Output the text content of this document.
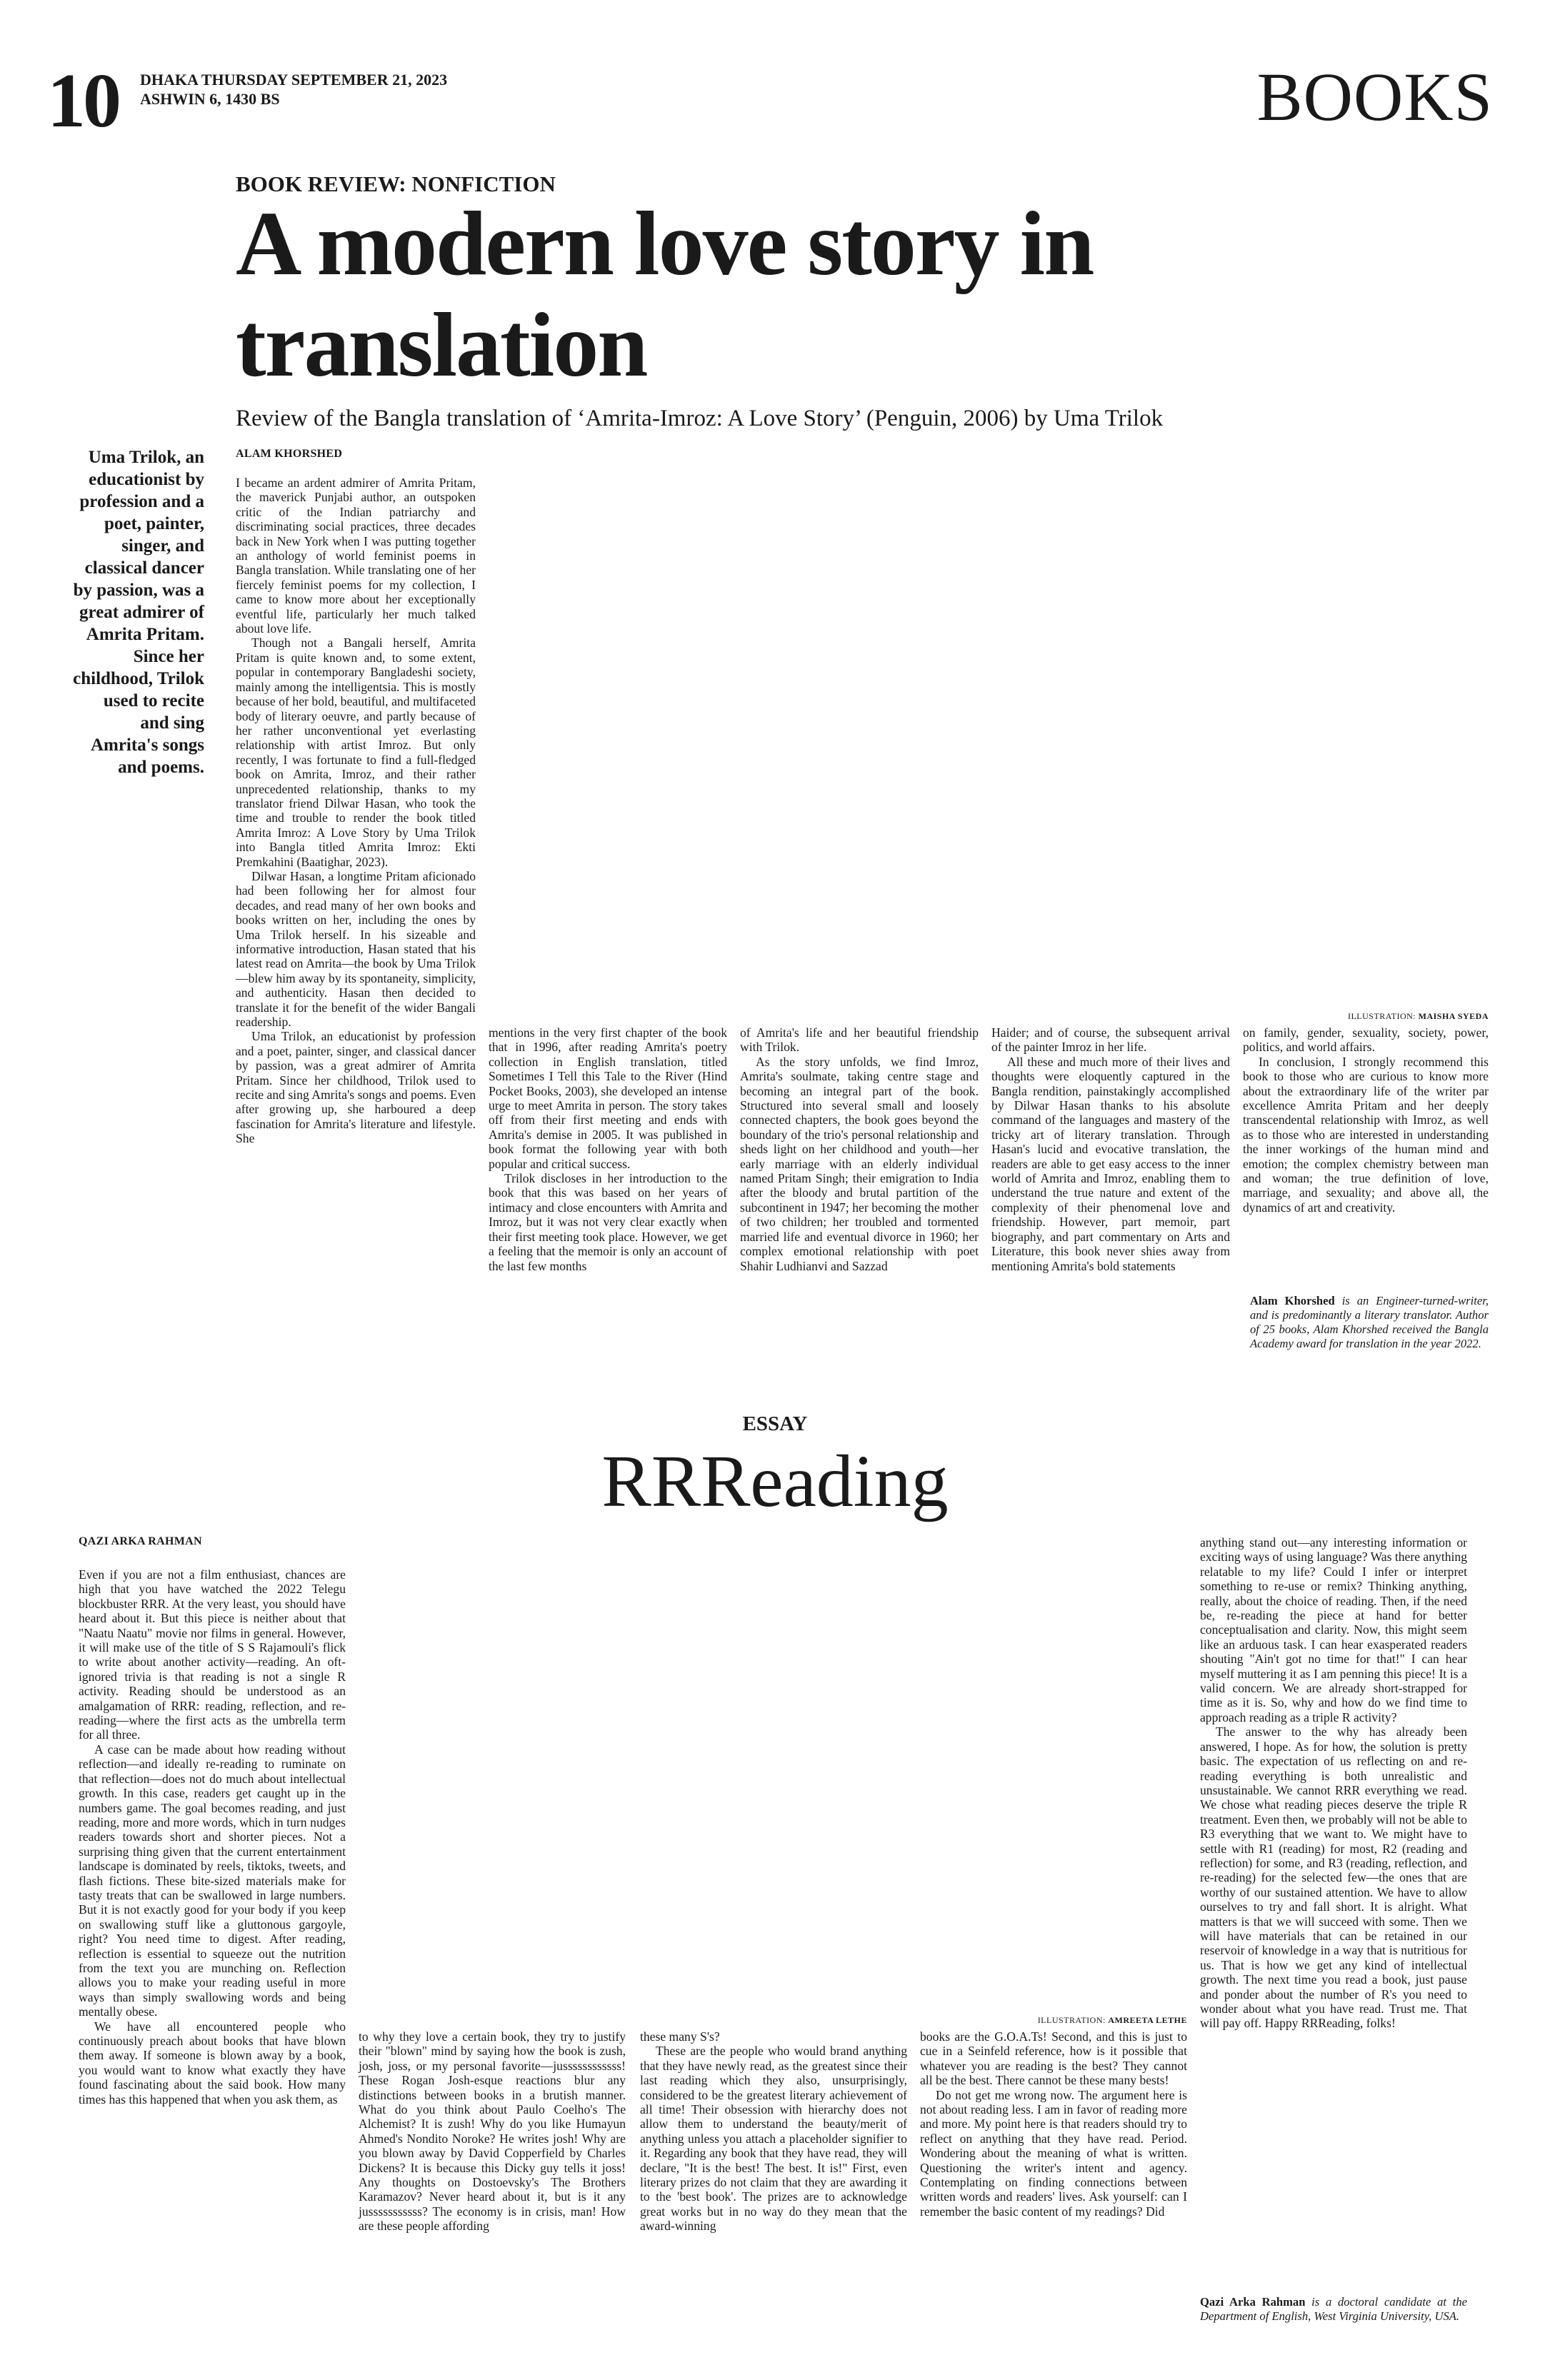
10 DHAKA THURSDAY SEPTEMBER 21, 2023
ASHWIN 6, 1430 BS	BOOKS
BOOK REVIEW: NONFICTION
A modern love story in translation
Review of the Bangla translation of ‘Amrita-Imroz: A Love Story’ (Penguin, 2006) by Uma Trilok
Uma Trilok, an educationist by profession and a poet, painter, singer, and classical dancer by passion, was a great admirer of Amrita Pritam. Since her childhood, Trilok used to recite and sing Amrita's songs and poems.
ALAM KHORSHED

I became an ardent admirer of Amrita Pritam, the maverick Punjabi author, an outspoken critic of the Indian patriarchy and discriminating social practices, three decades back in New York when I was putting together an anthology of world feminist poems in Bangla translation. While translating one of her fiercely feminist poems for my collection, I came to know more about her exceptionally eventful life, particularly her much talked about love life.

Though not a Bangali herself, Amrita Pritam is quite known and, to some extent, popular in contemporary Bangladeshi society, mainly among the intelligentsia. This is mostly because of her bold, beautiful, and multifaceted body of literary oeuvre, and partly because of her rather unconventional yet everlasting relationship with artist Imroz. But only recently, I was fortunate to find a full-fledged book on Amrita, Imroz, and their rather unprecedented relationship, thanks to my translator friend Dilwar Hasan, who took the time and trouble to render the book titled Amrita Imroz: A Love Story by Uma Trilok into Bangla titled Amrita Imroz: Ekti Premkahini (Baatighar, 2023).

Dilwar Hasan, a longtime Pritam aficionado had been following her for almost four decades, and read many of her own books and books written on her, including the ones by Uma Trilok herself. In his sizeable and informative introduction, Hasan stated that his latest read on Amrita—the book by Uma Trilok—blew him away by its spontaneity, simplicity, and authenticity. Hasan then decided to translate it for the benefit of the wider Bangali readership.

Uma Trilok, an educationist by profession and a poet, painter, singer, and classical dancer by passion, was a great admirer of Amrita Pritam. Since her childhood, Trilok used to recite and sing Amrita's songs and poems. Even after growing up, she harboured a deep fascination for Amrita's literature and lifestyle. She

mentions in the very first chapter of the book that in 1996, after reading Amrita's poetry collection in English translation, titled Sometimes I Tell this Tale to the River (Hind Pocket Books, 2003), she developed an intense urge to meet Amrita in person. The story takes off from their first meeting and ends with Amrita's demise in 2005. It was published in book format the following year with both popular and critical success.

Trilok discloses in her introduction to the book that this was based on her years of intimacy and close encounters with Amrita and Imroz, but it was not very clear exactly when their first meeting took place. However, we get a feeling that the memoir is only an account of the last few months

of Amrita's life and her beautiful friendship with Trilok.

As the story unfolds, we find Imroz, Amrita's soulmate, taking centre stage and becoming an integral part of the book. Structured into several small and loosely connected chapters, the book goes beyond the boundary of the trio's personal relationship and sheds light on her childhood and youth—her early marriage with an elderly individual named Pritam Singh; their emigration to India after the bloody and brutal partition of the subcontinent in 1947; her becoming the mother of two children; her troubled and tormented married life and eventual divorce in 1960; her complex emotional relationship with poet Shahir Ludhianvi and Sazzad

Haider; and of course, the subsequent arrival of the painter Imroz in her life.

All these and much more of their lives and thoughts were eloquently captured in the Bangla rendition, painstakingly accomplished by Dilwar Hasan thanks to his absolute command of the languages and mastery of the tricky art of literary translation. Through Hasan's lucid and evocative translation, the readers are able to get easy access to the inner world of Amrita and Imroz, enabling them to understand the true nature and extent of the complexity of their phenomenal love and friendship. However, part memoir, part biography, and part commentary on Arts and Literature, this book never shies away from mentioning Amrita's bold statements

on family, gender, sexuality, society, power, politics, and world affairs.

In conclusion, I strongly recommend this book to those who are curious to know more about the extraordinary life of the writer par excellence Amrita Pritam and her deeply transcendental relationship with Imroz, as well as to those who are interested in understanding the inner workings of the human mind and emotion; the complex chemistry between man and woman; the true definition of love, marriage, and sexuality; and above all, the dynamics of art and creativity.

ILLUSTRATION: MAISHA SYEDA
Alam Khorshed is an Engineer-turned-writer, and is predominantly a literary translator. Author of 25 books, Alam Khorshed received the Bangla Academy award for translation in the year 2022.
ESSAY
RRReading
QAZI ARKA RAHMAN

Even if you are not a film enthusiast, chances are high that you have watched the 2022 Telegu blockbuster RRR. At the very least, you should have heard about it. But this piece is neither about that "Naatu Naatu" movie nor films in general. However, it will make use of the title of S S Rajamouli's flick to write about another activity—reading. An oft-ignored trivia is that reading is not a single R activity. Reading should be understood as an amalgamation of RRR: reading, reflection, and re-reading—where the first acts as the umbrella term for all three.

A case can be made about how reading without reflection—and ideally re-reading to ruminate on that reflection—does not do much about intellectual growth. In this case, readers get caught up in the numbers game. The goal becomes reading, and just reading, more and more words, which in turn nudges readers towards short and shorter pieces. Not a surprising thing given that the current entertainment landscape is dominated by reels, tiktoks, tweets, and flash fictions. These bite-sized materials make for tasty treats that can be swallowed in large numbers. But it is not exactly good for your body if you keep on swallowing stuff like a gluttonous gargoyle, right? You need time to digest. After reading, reflection is essential to squeeze out the nutrition from the text you are munching on. Reflection allows you to make your reading useful in more ways than simply swallowing words and being mentally obese.

We have all encountered people who continuously preach about books that have blown them away. If someone is blown away by a book, you would want to know what exactly they have found fascinating about the said book. How many times has this happened that when you ask them, as

to why they love a certain book, they try to justify their "blown" mind by saying how the book is zush, josh, joss, or my personal favorite—jussssssssssss! These Rogan Josh-esque reactions blur any distinctions between books in a brutish manner. What do you think about Paulo Coelho's The Alchemist? It is zush! Why do you like Humayun Ahmed's Nondito Noroke? He writes josh! Why are you blown away by David Copperfield by Charles Dickens? It is because this Dicky guy tells it joss! Any thoughts on Dostoevsky's The Brothers Karamazov? Never heard about it, but is it any jusssssssssss? The economy is in crisis, man! How are these people affording

these many S's?

These are the people who would brand anything that they have newly read, as the greatest since their last reading which they also, unsurprisingly, considered to be the greatest literary achievement of all time! Their obsession with hierarchy does not allow them to understand the beauty/merit of anything unless you attach a placeholder signifier to it. Regarding any book that they have read, they will declare, "It is the best! The best. It is!" First, even literary prizes do not claim that they are awarding it to the 'best book'. The prizes are to acknowledge great works but in no way do they mean that the award-winning

books are the G.O.A.Ts! Second, and this is just to cue in a Seinfeld reference, how is it possible that whatever you are reading is the best? They cannot all be the best. There cannot be these many bests!

Do not get me wrong now. The argument here is not about reading less. I am in favor of reading more and more. My point here is that readers should try to reflect on anything that they have read. Period. Wondering about the meaning of what is written. Questioning the writer's intent and agency. Contemplating on finding connections between written words and readers' lives. Ask yourself: can I remember the basic content of my readings? Did

anything stand out—any interesting information or exciting ways of using language? Was there anything relatable to my life? Could I infer or interpret something to re-use or remix? Thinking anything, really, about the choice of reading. Then, if the need be, re-reading the piece at hand for better conceptualisation and clarity. Now, this might seem like an arduous task. I can hear exasperated readers shouting "Ain't got no time for that!" I can hear myself muttering it as I am penning this piece! It is a valid concern. We are already short-strapped for time as it is. So, why and how do we find time to approach reading as a triple R activity?

The answer to the why has already been answered, I hope. As for how, the solution is pretty basic. The expectation of us reflecting on and re-reading everything is both unrealistic and unsustainable. We cannot RRR everything we read. We chose what reading pieces deserve the triple R treatment. Even then, we probably will not be able to R3 everything that we want to. We might have to settle with R1 (reading) for most, R2 (reading and reflection) for some, and R3 (reading, reflection, and re-reading) for the selected few—the ones that are worthy of our sustained attention. We have to allow ourselves to try and fall short. It is alright. What matters is that we will succeed with some. Then we will have materials that can be retained in our reservoir of knowledge in a way that is nutritious for us. That is how we get any kind of intellectual growth. The next time you read a book, just pause and ponder about the number of R's you need to wonder about what you have read. Trust me. That will pay off. Happy RRReading, folks!

ILLUSTRATION: AMREETA LETHE
Qazi Arka Rahman is a doctoral candidate at the Department of English, West Virginia University, USA.
